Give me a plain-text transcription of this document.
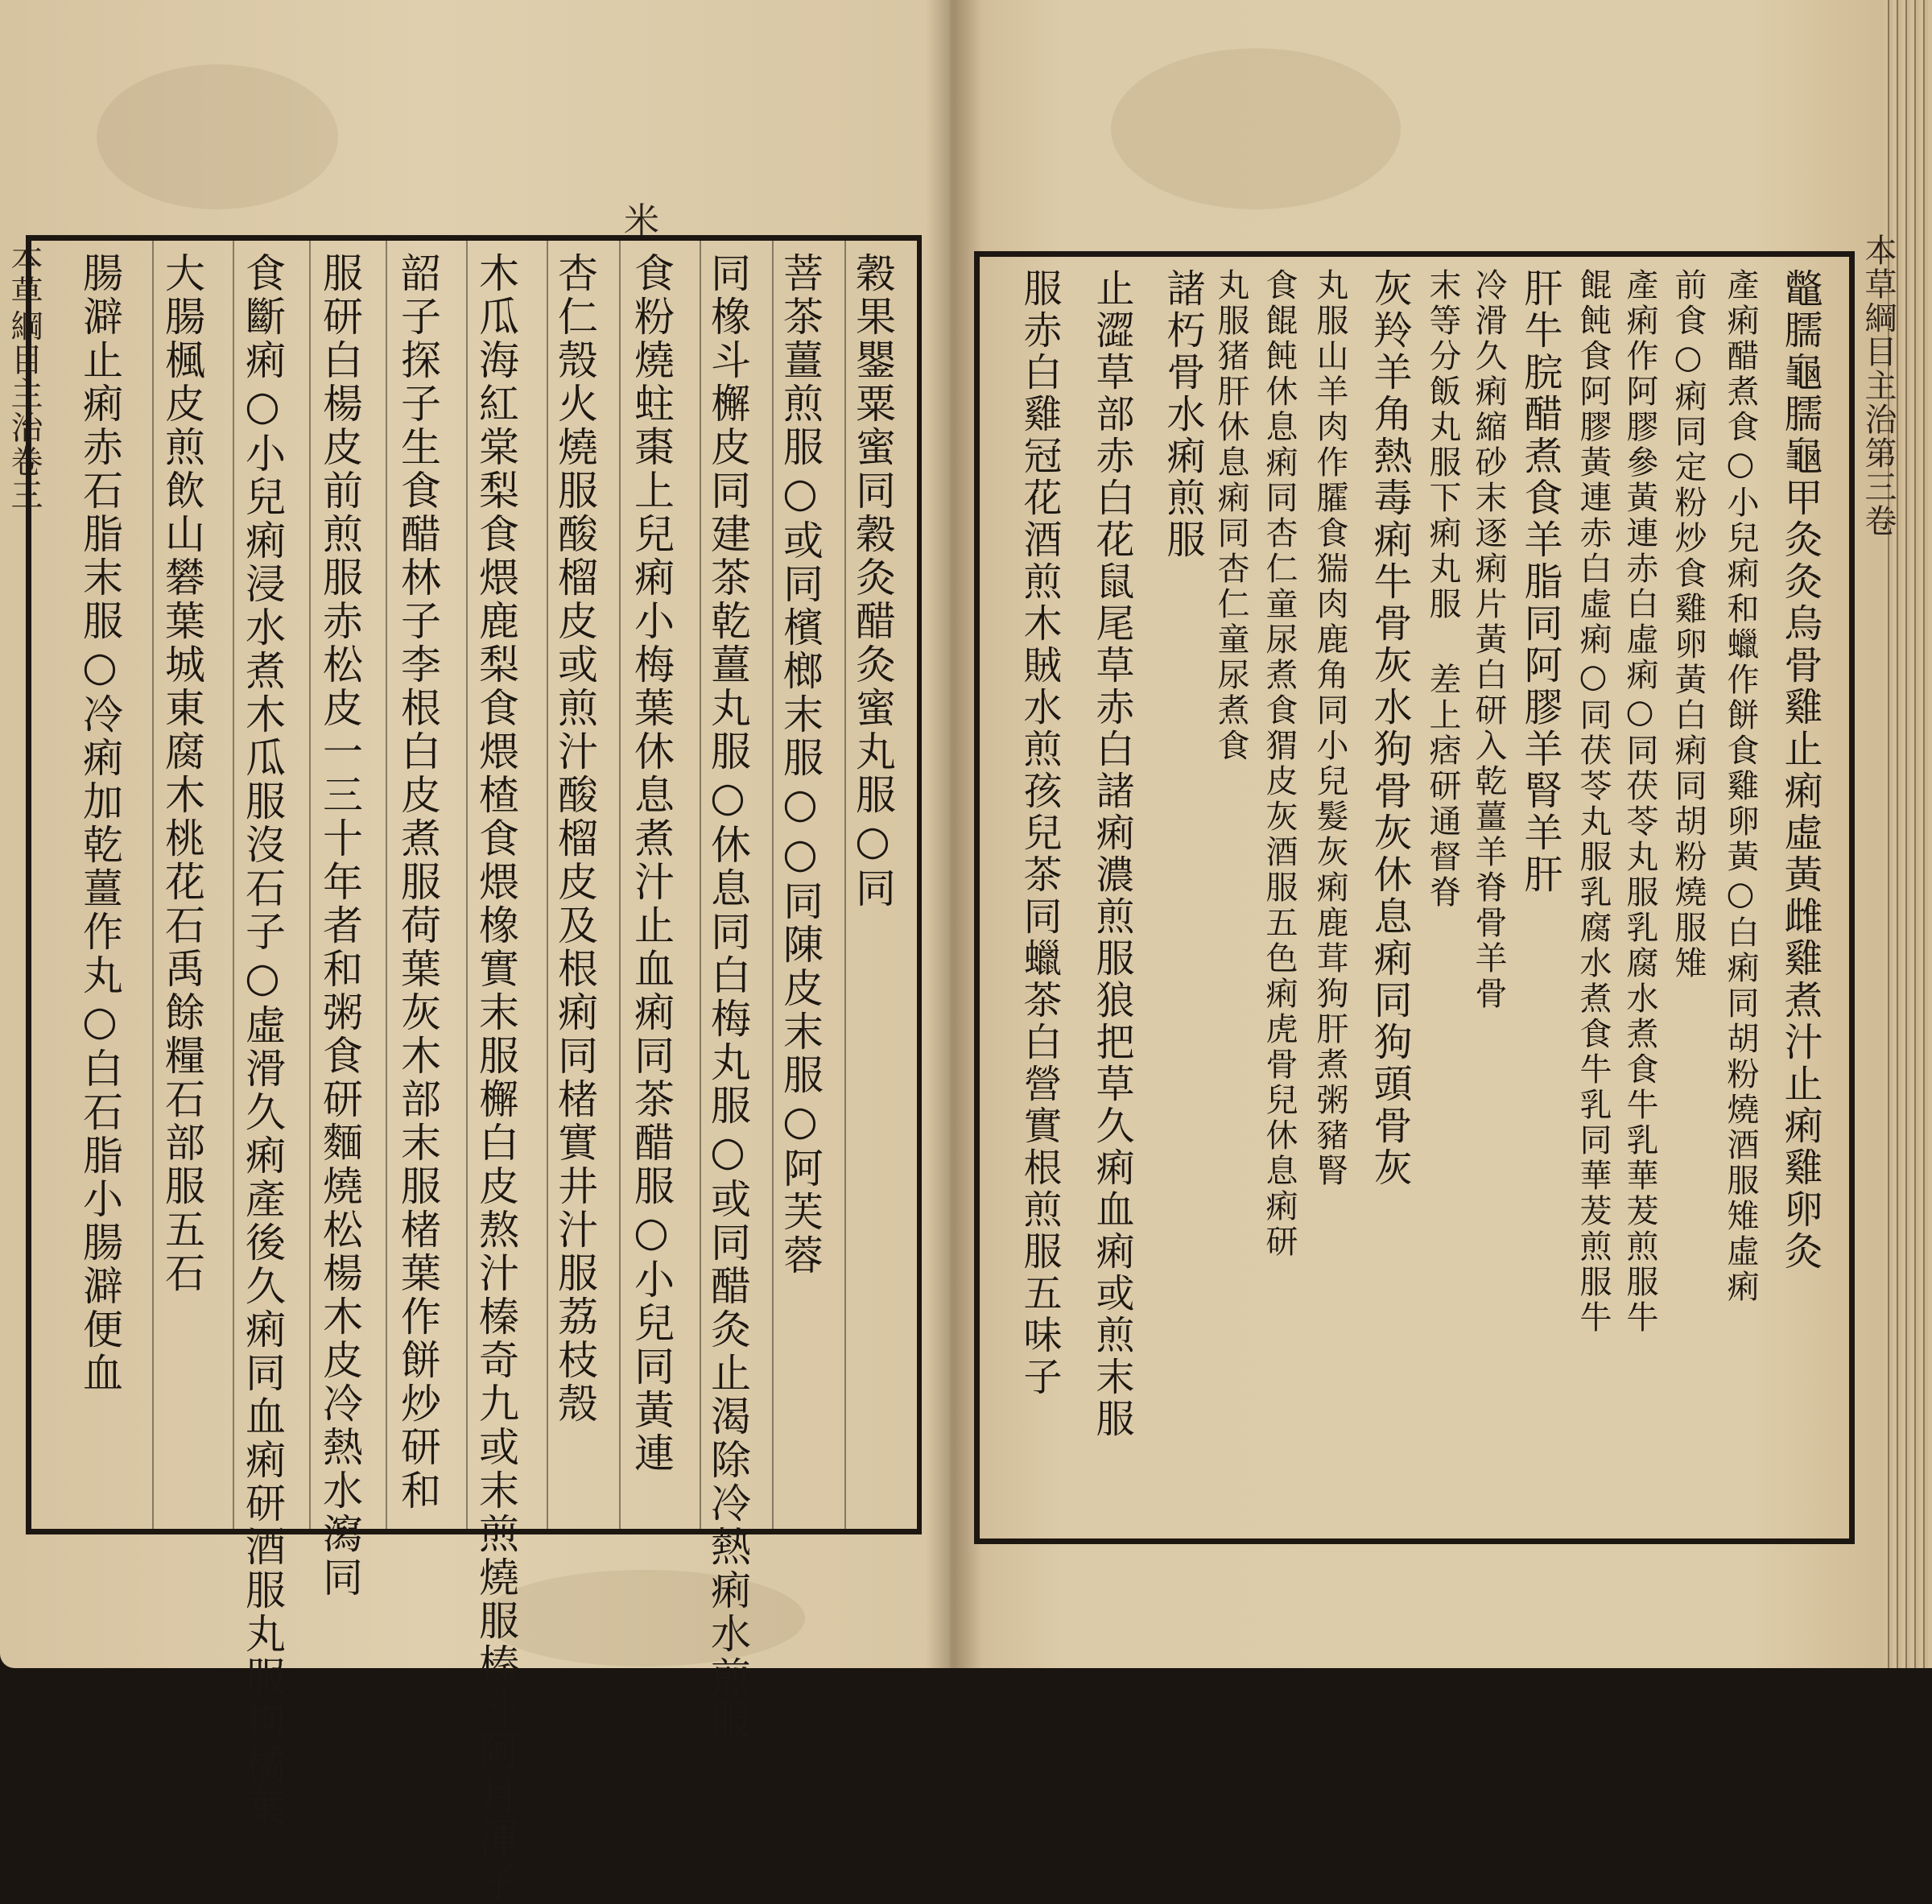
米
本草綱目主治卷三	穀果鑍粟蜜同穀灸醋灸蜜丸服○同
菩茶薑煎服○或同檳榔末服○○同陳皮末服○阿芙蓉
同橡斗檞皮同建茶乾薑丸服○休息同白梅丸服○或同醋灸止渴除冷熱痢水煎服
食粉燒蛀棗上兒痢小梅葉休息煮汁止血痢同茶醋服○小兒同黃連
杏仁殼火燒服酸榴皮或煎汁酸榴皮及根痢同楮實井汁服荔枝殼
木瓜海紅棠梨食煨鹿梨食煨楂食煨橡實末服檞白皮熬汁榛奇九或末煎燒服榛斗阿月渾子
韶子探子生食醋林子李根白皮煮服荷葉灰木部末服楮葉作餅炒研和
服研白楊皮前煎服赤松皮一三十年者和粥食研麵燒松楊木皮冷熱水瀉同
食斷痢○小兒痢浸水煮木瓜服沒石子○虛滑久痢產後久痢同血痢研酒服丸服枸橘葉
大腸楓皮煎飲山礬葉城東腐木桃花石禹餘糧石部服五石
腸澼止痢赤石脂末服○冷痢加乾薑作丸○白石脂小腸澼便血	本草綱目主治第三卷
鼈臑龜臑龜甲灸灸烏骨雞止痢虛黃雌雞煮汁止痢雞卵灸
產痢醋煮食○小兒痢和蠟作餅食雞卵黃○白痢同胡粉燒酒服雉虛痢
前食○痢同定粉炒食雞卵黃白痢同胡粉燒服雉
產痢作阿膠參黃連赤白虛痢○同茯苓丸服乳腐水煮食牛乳華茇煎服牛
餛飩食阿膠黃連赤白虛痢○同茯苓丸服乳腐水煮食牛乳同華茇煎服牛
肝牛脘醋煮食羊脂同阿膠羊腎羊肝
冷滑久痢縮砂末逐痢片黃白研入乾薑羊脊骨羊骨
末等分飯丸服下痢丸服 差上痞研通督脊
灰羚羊角熱毒痢牛骨灰水狗骨灰休息痢同狗頭骨灰
丸服山羊肉作臛食猯肉鹿角同小兒髮灰痢鹿茸狗肝煮粥豬腎
食餛飩休息痢同杏仁童尿煮食猬皮灰酒服五色痢虎骨兒休息痢研
丸服猪肝休息痢同杏仁童尿煮食
諸朽骨水痢煎服
止澀草部赤白花鼠尾草赤白諸痢濃煎服狼把草久痢血痢或煎末服
服赤白雞冠花酒煎木賊水煎孩兒茶同蠟茶白營實根煎服五味子
